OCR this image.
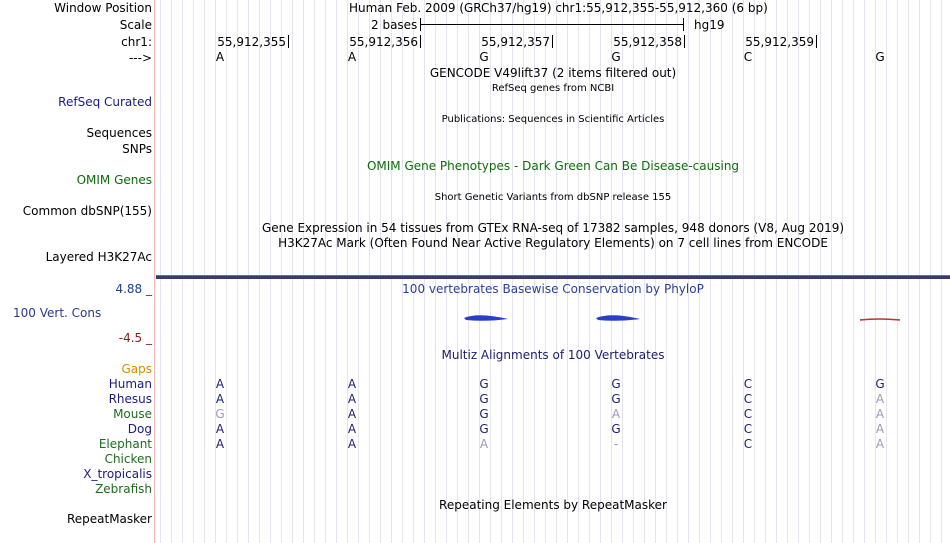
Window Position	Human Feb. 2009 (GRCh37/hg19) chr1:55,912,355-55,912,360 (6 bp)
Scale	2 bases	hg19
chr1:	55,912,355	55,912,356	55,912,357	55,912,358	55,912,359
--->	A	A	G	G	C	G
GENCODE V49lift37 (2 items filtered out)
RefSeq genes from NCBI
RefSeq Curated
Publications: Sequences in Scientific Articles
Sequences
SNPs
OMIM Gene Phenotypes - Dark Green Can Be Disease-causing
OMIM Genes
Short Genetic Variants from dbSNP release 155
Common dbSNP(155)
Gene Expression in 54 tissues from GTEx RNA-seq of 17382 samples, 948 donors (V8, Aug 2019)
H3K27Ac Mark (Often Found Near Active Regulatory Elements) on 7 cell lines from ENCODE
Layered H3K27Ac
4.88 _	100 vertebrates Basewise Conservation by PhyloP
100 Vert. Cons
-4.5 _
Multiz Alignments of 100 Vertebrates
Gaps
Human	A	A	G	G	C	G
Rhesus	A	A	G	G	C	A
Mouse	G	A	G	A	C	A
Dog	A	A	G	G	C	A
Elephant	A	A	A	-	C	A
Chicken
X_tropicalis
Zebrafish
Repeating Elements by RepeatMasker
RepeatMasker
